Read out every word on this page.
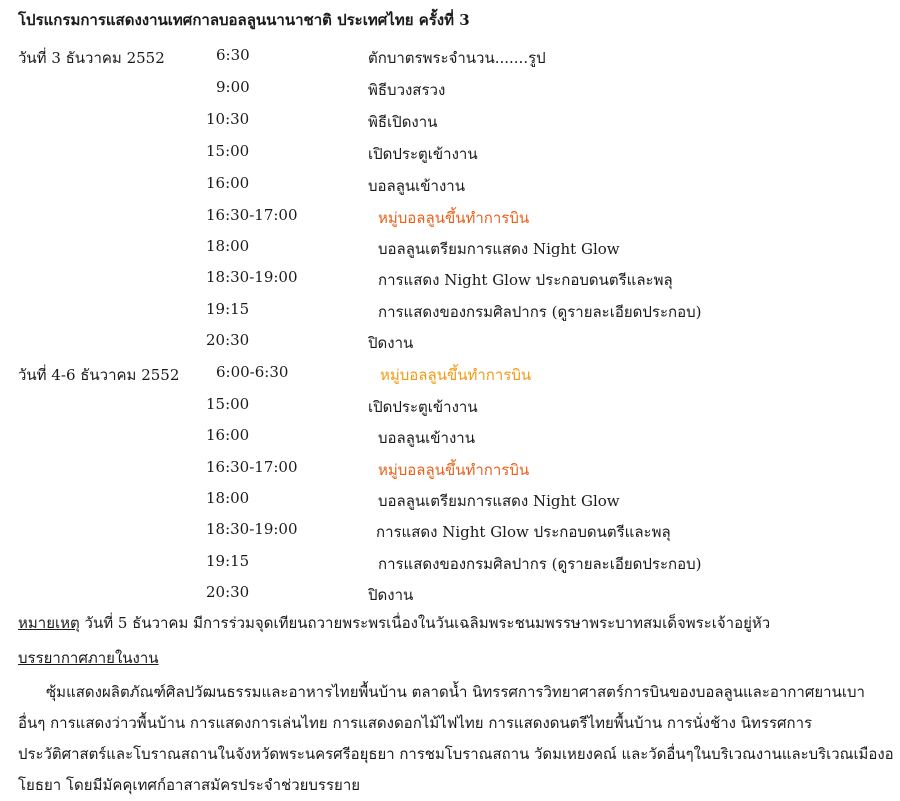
โปรแกรมการแสดงงานเทศกาลบอลลูนนานาชาติ ประเทศไทย ครั้งที่ 3
วันที่ 3 ธันวาคม 2552	6:30	ตักบาตรพระจำนวน.......รูป
9:00	พิธีบวงสรวง
10:30	พิธีเปิดงาน
15:00	เปิดประตูเข้างาน
16:00	บอลลูนเข้างาน
16:30-17:00	หมู่บอลลูนขึ้นทำการบิน
18:00	บอลลูนเตรียมการแสดง Night Glow
18:30-19:00	การแสดง Night Glow ประกอบดนตรีและพลุ
19:15	การแสดงของกรมศิลปากร (ดูรายละเอียดประกอบ)
20:30	ปิดงาน
วันที่ 4-6 ธันวาคม 2552 6:00-6:30	หมู่บอลลูนขึ้นทำการบิน
15:00	เปิดประตูเข้างาน
16:00	บอลลูนเข้างาน
16:30-17:00	หมู่บอลลูนขึ้นทำการบิน
18:00	บอลลูนเตรียมการแสดง Night Glow
18:30-19:00	การแสดง Night Glow ประกอบดนตรีและพลุ
19:15	การแสดงของกรมศิลปากร (ดูรายละเอียดประกอบ)
20:30	ปิดงาน
หมายเหตุ วันที่ 5 ธันวาคม มีการร่วมจุดเทียนถวายพระพรเนื่องในวันเฉลิมพระชนมพรรษาพระบาทสมเด็จพระเจ้าอยู่หัว
บรรยากาศภายในงาน
ซุ้มแสดงผลิตภัณฑ์ศิลปวัฒนธรรมและอาหารไทยพื้นบ้าน ตลาดน้ำ นิทรรศการวิทยาศาสตร์การบินของบอลลูนและอากาศยานเบา
อื่นๆ การแสดงว่าวพื้นบ้าน การแสดงการเล่นไทย การแสดงดอกไม้ไฟไทย การแสดงดนตรีไทยพื้นบ้าน การนั่งช้าง นิทรรศการ
ประวัติศาสตร์และโบราณสถานในจังหวัดพระนครศรีอยุธยา การชมโบราณสถาน วัดมเหยงคณ์ และวัดอื่นๆในบริเวณงานและบริเวณเมืองอ
โยธยา โดยมีมัคคุเทศก์อาสาสมัครประจำช่วยบรรยาย
